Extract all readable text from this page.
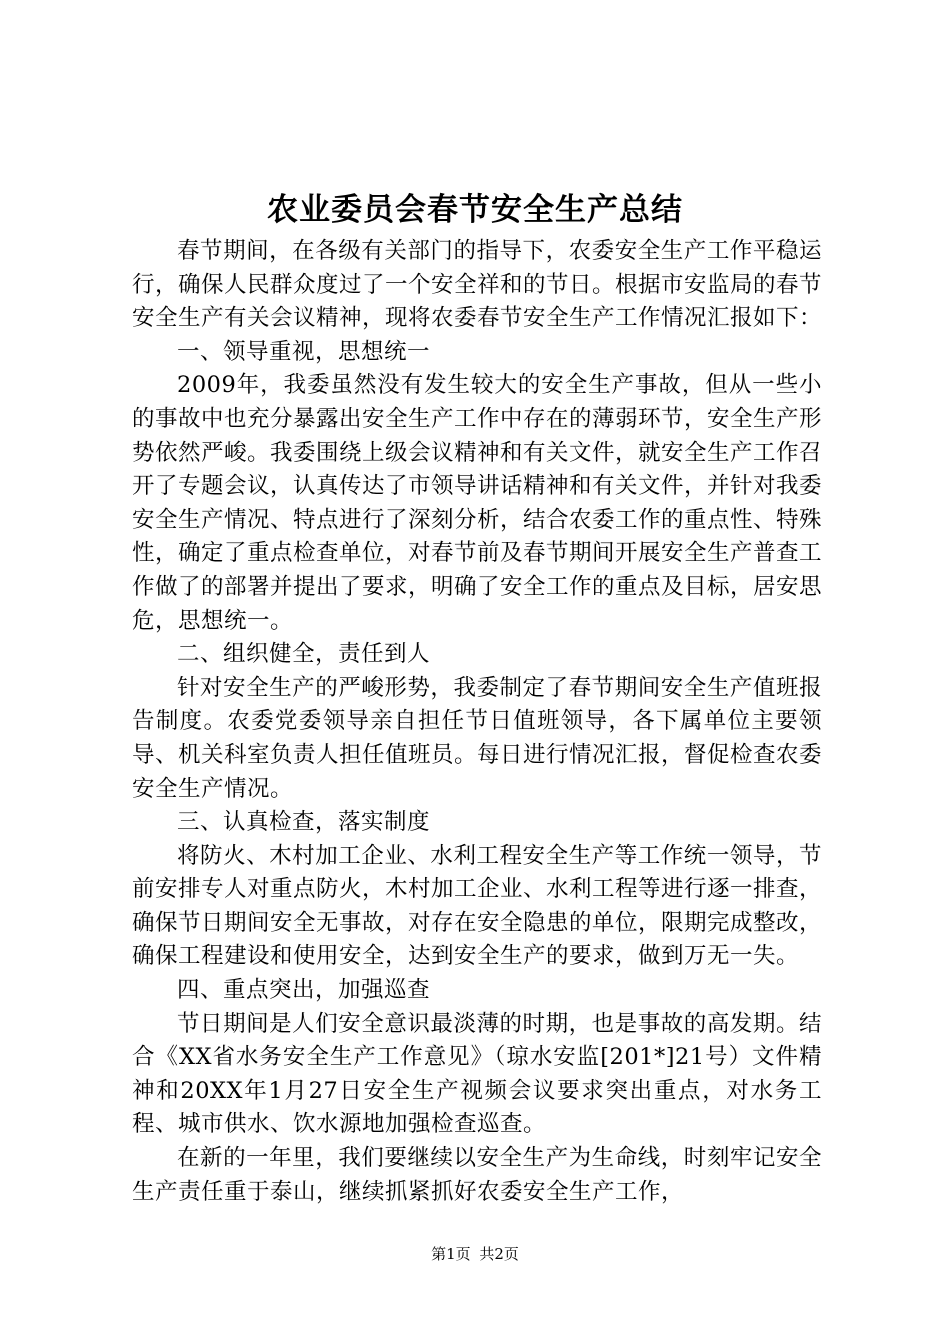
农业委员会春节安全生产总结

春节期间，在各级有关部门的指导下，农委安全生产工作平稳运行，确保人民群众度过了一个安全祥和的节日。根据市安监局的春节安全生产有关会议精神，现将农委春节安全生产工作情况汇报如下：

一、领导重视，思想统一

2009年，我委虽然没有发生较大的安全生产事故，但从一些小的事故中也充分暴露出安全生产工作中存在的薄弱环节，安全生产形势依然严峻。我委围绕上级会议精神和有关文件，就安全生产工作召开了专题会议，认真传达了市领导讲话精神和有关文件，并针对我委安全生产情况、特点进行了深刻分析，结合农委工作的重点性、特殊性，确定了重点检查单位，对春节前及春节期间开展安全生产普查工作做了的部署并提出了要求，明确了安全工作的重点及目标，居安思危，思想统一。

二、组织健全，责任到人

针对安全生产的严峻形势，我委制定了春节期间安全生产值班报告制度。农委党委领导亲自担任节日值班领导，各下属单位主要领导、机关科室负责人担任值班员。每日进行情况汇报，督促检查农委安全生产情况。

三、认真检查，落实制度

将防火、木村加工企业、水利工程安全生产等工作统一领导，节前安排专人对重点防火，木村加工企业、水利工程等进行逐一排查，确保节日期间安全无事故，对存在安全隐患的单位，限期完成整改，确保工程建设和使用安全，达到安全生产的要求，做到万无一失。

四、重点突出，加强巡查

节日期间是人们安全意识最淡薄的时期，也是事故的高发期。结合《XX省水务安全生产工作意见》（琼水安监[201*]21号）文件精神和20XX年1月27日安全生产视频会议要求突出重点，对水务工程、城市供水、饮水源地加强检查巡查。

在新的一年里，我们要继续以安全生产为生命线，时刻牢记安全生产责任重于泰山，继续抓紧抓好农委安全生产工作，

第1页 共2页
